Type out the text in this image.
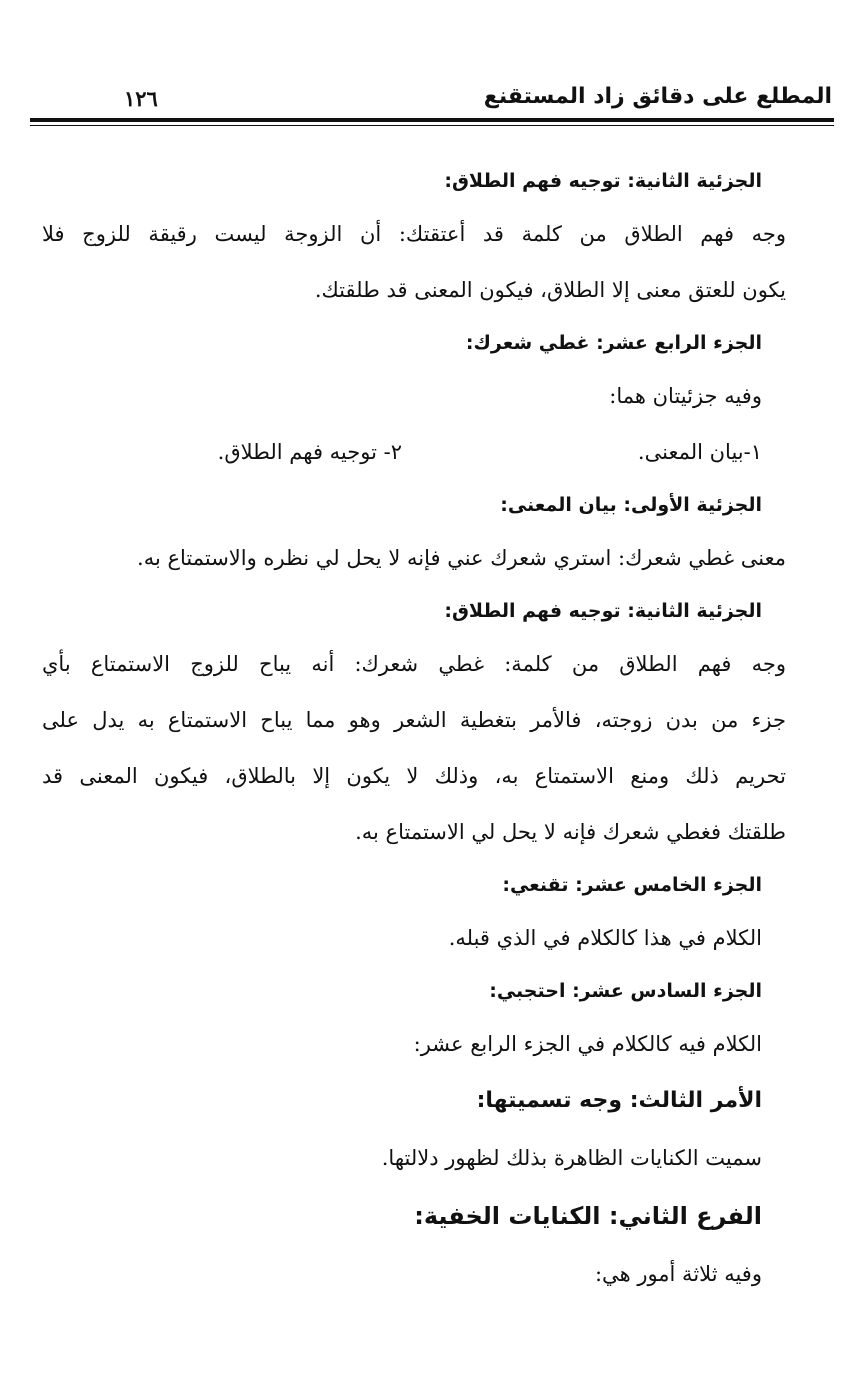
المطلع على دقائق زاد المستقنع
١٢٦
الجزئية الثانية: توجيه فهم الطلاق:
وجه فهم الطلاق من كلمة قد أعتقتك: أن الزوجة ليست رقيقة للزوج فلا
يكون للعتق معنى إلا الطلاق، فيكون المعنى قد طلقتك.
الجزء الرابع عشر: غطي شعرك:
وفيه جزئيتان هما:
١-بيان المعنى.
٢- توجيه فهم الطلاق.
الجزئية الأولى: بيان المعنى:
معنى غطي شعرك: استري شعرك عني فإنه لا يحل لي نظره والاستمتاع به.
الجزئية الثانية: توجيه فهم الطلاق:
وجه فهم الطلاق من كلمة: غطي شعرك: أنه يباح للزوج الاستمتاع بأي
جزء من بدن زوجته، فالأمر بتغطية الشعر وهو مما يباح الاستمتاع به يدل على
تحريم ذلك ومنع الاستمتاع به، وذلك لا يكون إلا بالطلاق، فيكون المعنى قد
طلقتك فغطي شعرك فإنه لا يحل لي الاستمتاع به.
الجزء الخامس عشر: تقنعي:
الكلام في هذا كالكلام في الذي قبله.
الجزء السادس عشر: احتجبي:
الكلام فيه كالكلام في الجزء الرابع عشر:
الأمر الثالث: وجه تسميتها:
سميت الكنايات الظاهرة بذلك لظهور دلالتها.
الفرع الثاني: الكنايات الخفية:
وفيه ثلاثة أمور هي:
